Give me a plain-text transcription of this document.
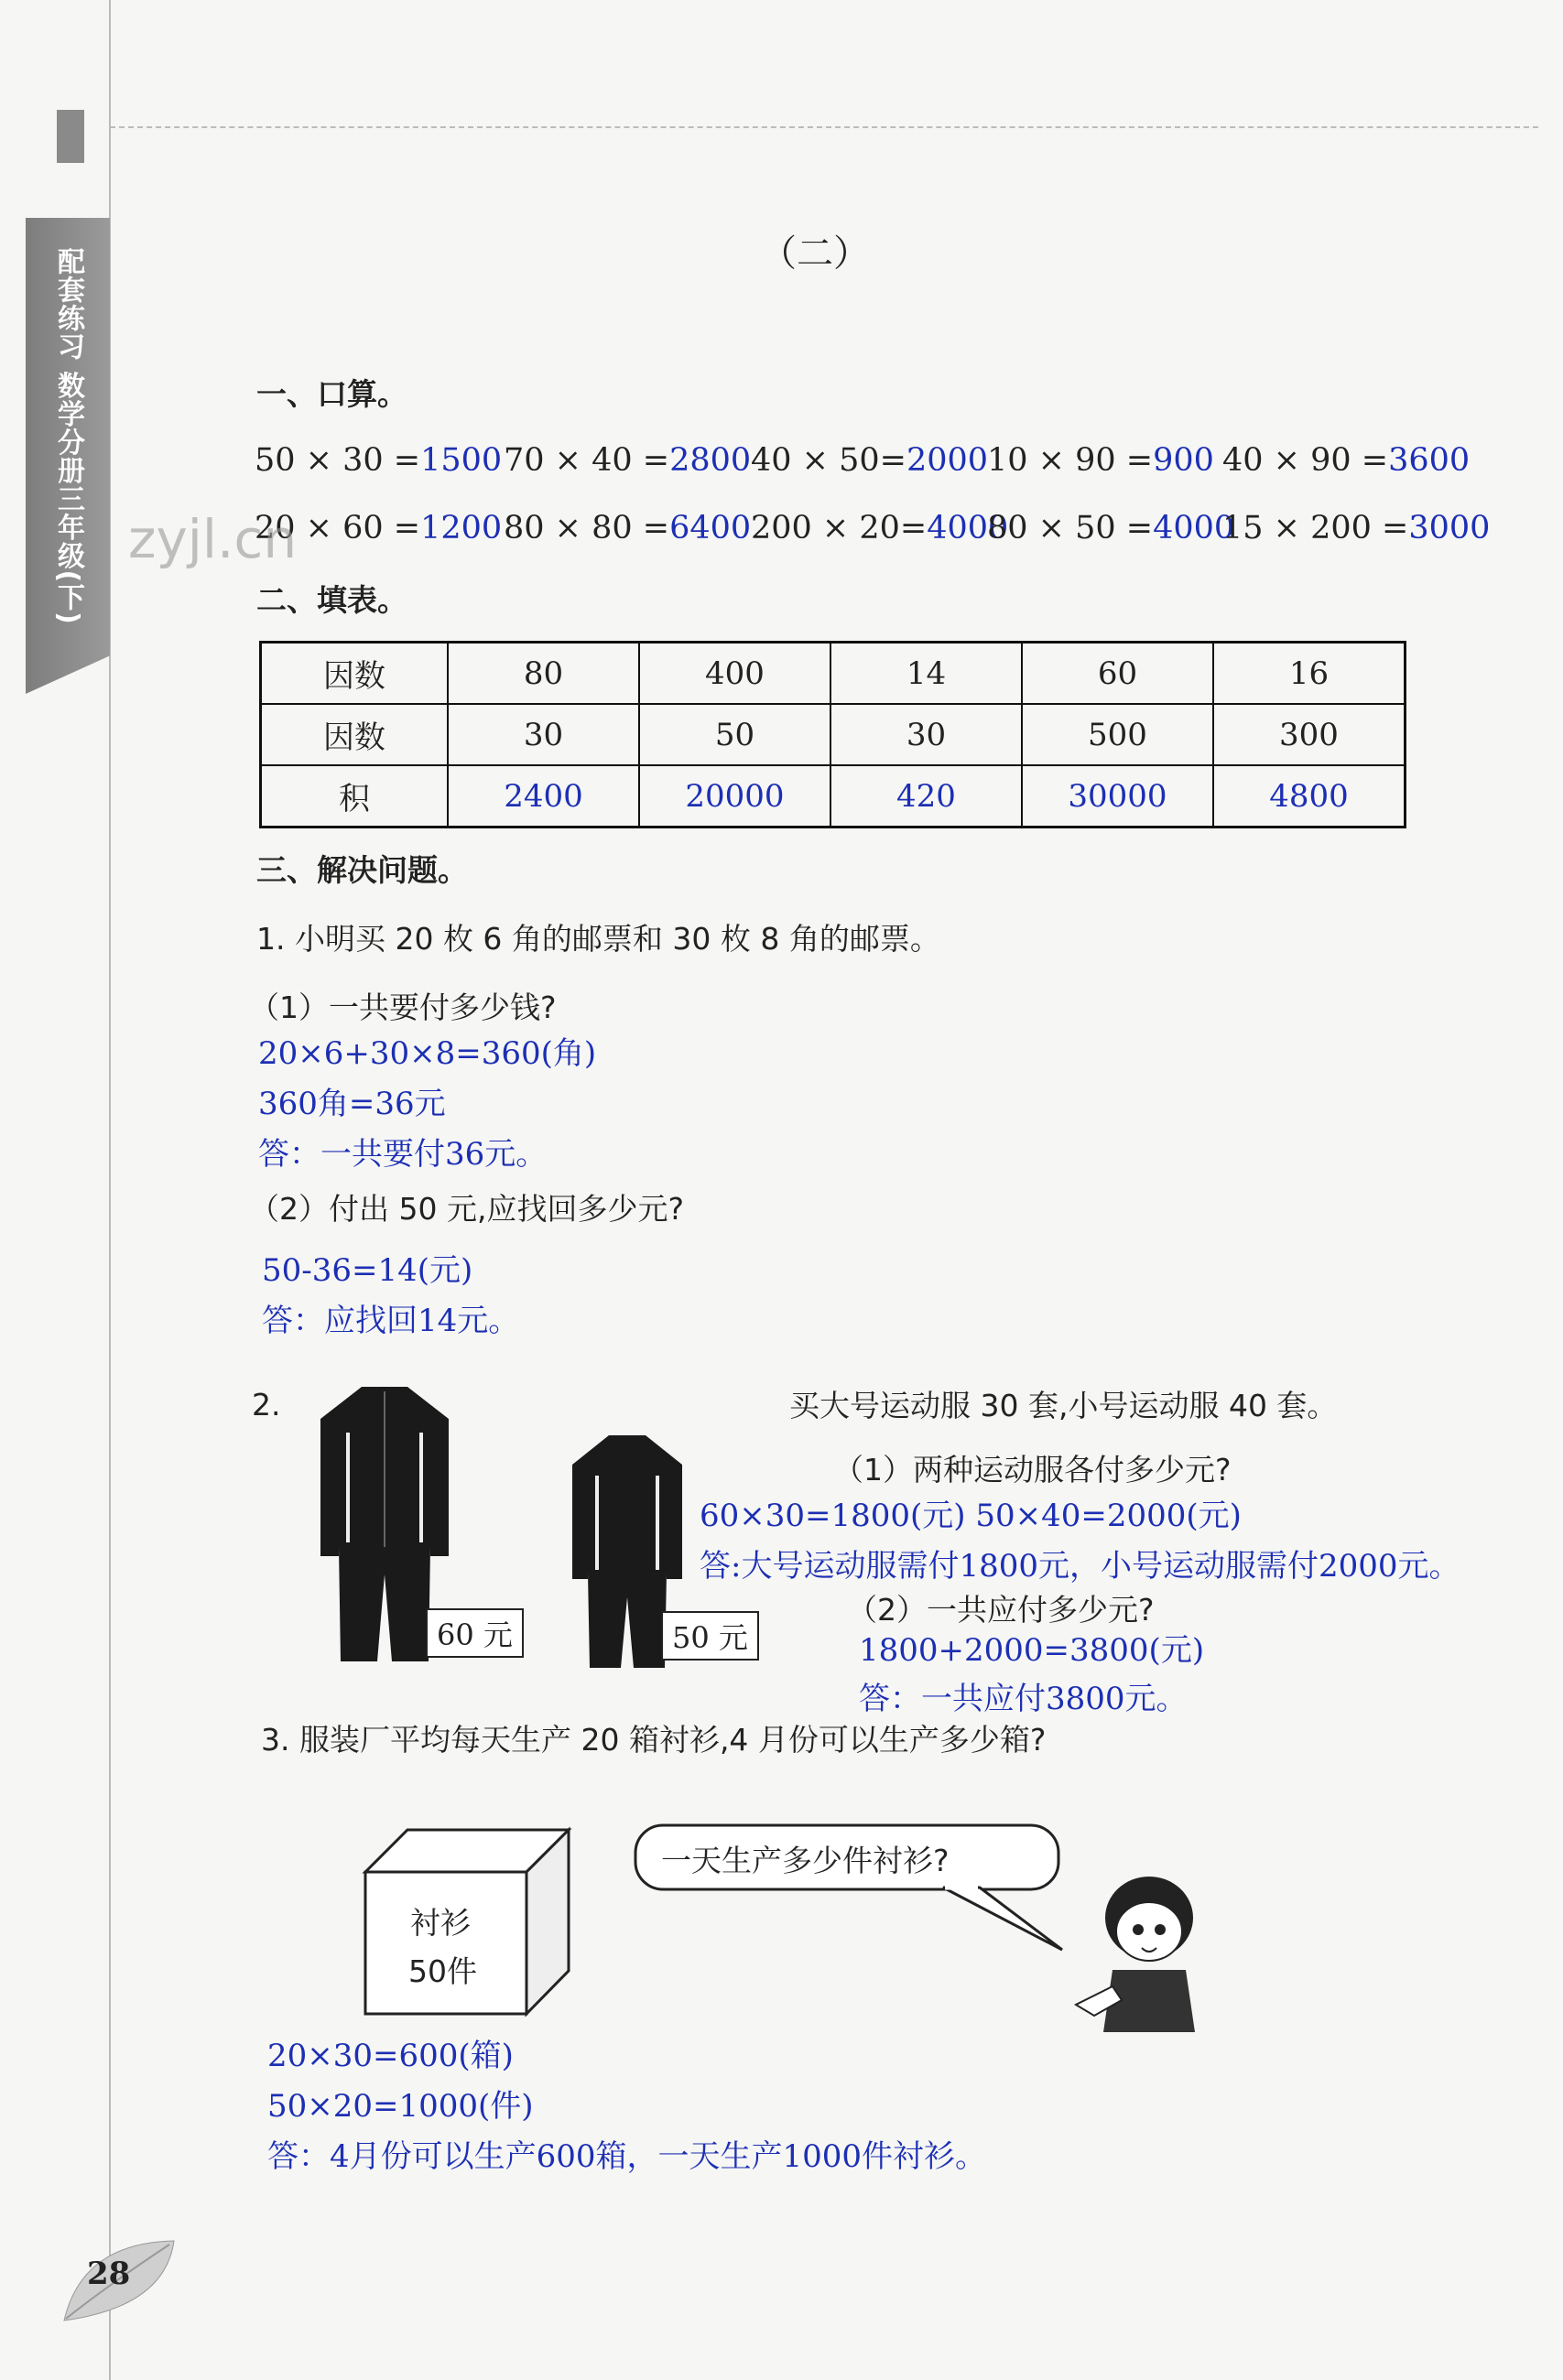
配套练习 数学分册三年级(下)	（二）
一、口算。
50 × 30 =1500 70 × 40 =2800 40 × 50=2000
10 × 90 =900 40 × 90 =3600
20 × 60 =1200 80 × 80 =6400 200 × 20=4000
80 × 50 =4000
15 × 200 =3000
zyjl.cn
二、填表。
因数	80	400	14	60	16
因数	30	50	30	500	300
积	2400	20000	420	30000	4800
三、解决问题。
1. 小明买 20 枚 6 角的邮票和 30 枚 8 角的邮票。
（1）一共要付多少钱?
20×6+30×8=360(角)
360角=36元
答：一共要付36元。
（2）付出 50 元,应找回多少元?
50-36=14(元)
答：应找回14元。
2.
60 元	50 元
买大号运动服 30 套,小号运动服 40 套。
（1）两种运动服各付多少元?
60×30=1800(元) 50×40=2000(元)
答:大号运动服需付1800元，小号运动服需付2000元。
（2）一共应付多少元?
1800+2000=3800(元)
答：一共应付3800元。
3. 服装厂平均每天生产 20 箱衬衫,4 月份可以生产多少箱?
衬衫
50件
一天生产多少件衬衫?
20×30=600(箱)
50×20=1000(件)
答：4月份可以生产600箱，一天生产1000件衬衫。
28
